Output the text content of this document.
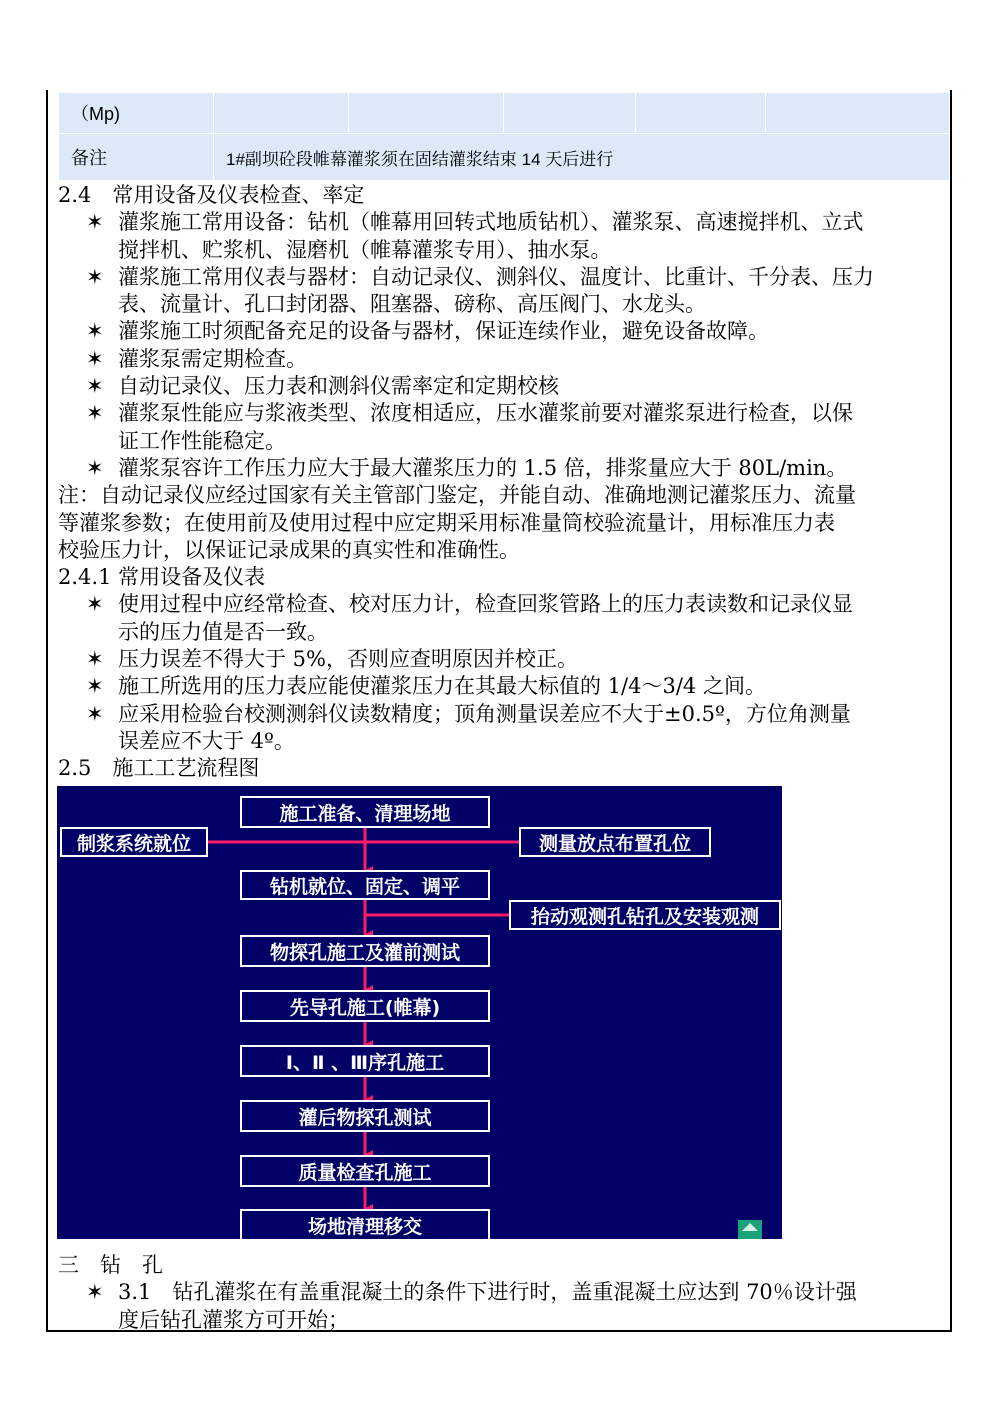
（Mp)					
备注	1#副坝砼段帷幕灌浆须在固结灌浆结束 14 天后进行				
2.4　常用设备及仪表检查、率定
✶ 灌浆施工常用设备：钻机（帷幕用回转式地质钻机）、灌浆泵、高速搅拌机、立式
搅拌机、贮浆机、湿磨机（帷幕灌浆专用）、抽水泵。
✶ 灌浆施工常用仪表与器材：自动记录仪、测斜仪、温度计、比重计、千分表、压力
表、流量计、孔口封闭器、阻塞器、磅称、高压阀门、水龙头。
✶ 灌浆施工时须配备充足的设备与器材，保证连续作业，避免设备故障。
✶ 灌浆泵需定期检查。
✶ 自动记录仪、压力表和测斜仪需率定和定期校核
✶ 灌浆泵性能应与浆液类型、浓度相适应，压水灌浆前要对灌浆泵进行检查，以保
证工作性能稳定。
✶ 灌浆泵容许工作压力应大于最大灌浆压力的 1.5 倍，排浆量应大于 80L/min。
注：自动记录仪应经过国家有关主管部门鉴定，并能自动、准确地测记灌浆压力、流量
等灌浆参数；在使用前及使用过程中应定期采用标准量筒校验流量计，用标准压力表
校验压力计，以保证记录成果的真实性和准确性。
2.4.1 常用设备及仪表
✶ 使用过程中应经常检查、校对压力计，检查回浆管路上的压力表读数和记录仪显
示的压力值是否一致。
✶ 压力误差不得大于 5%，否则应查明原因并校正。
✶ 施工所选用的压力表应能使灌浆压力在其最大标值的 1/4～3/4 之间。
✶ 应采用检验台校测测斜仪读数精度；顶角测量误差应不大于±0.5º，方位角测量
误差应不大于 4º。
2.5　施工工艺流程图
施工准备、清理场地
制浆系统就位	测量放点布置孔位
钻机就位、固定、调平
抬动观测孔钻孔及安装观测
物探孔施工及灌前测试
先导孔施工(帷幕)
Ⅰ、Ⅱ 、Ⅲ序孔施工
灌后物探孔测试
质量检查孔施工
场地清理移交
三　钻　孔
✶ 3.1　钻孔灌浆在有盖重混凝土的条件下进行时，盖重混凝土应达到 70％设计强
度后钻孔灌浆方可开始；
